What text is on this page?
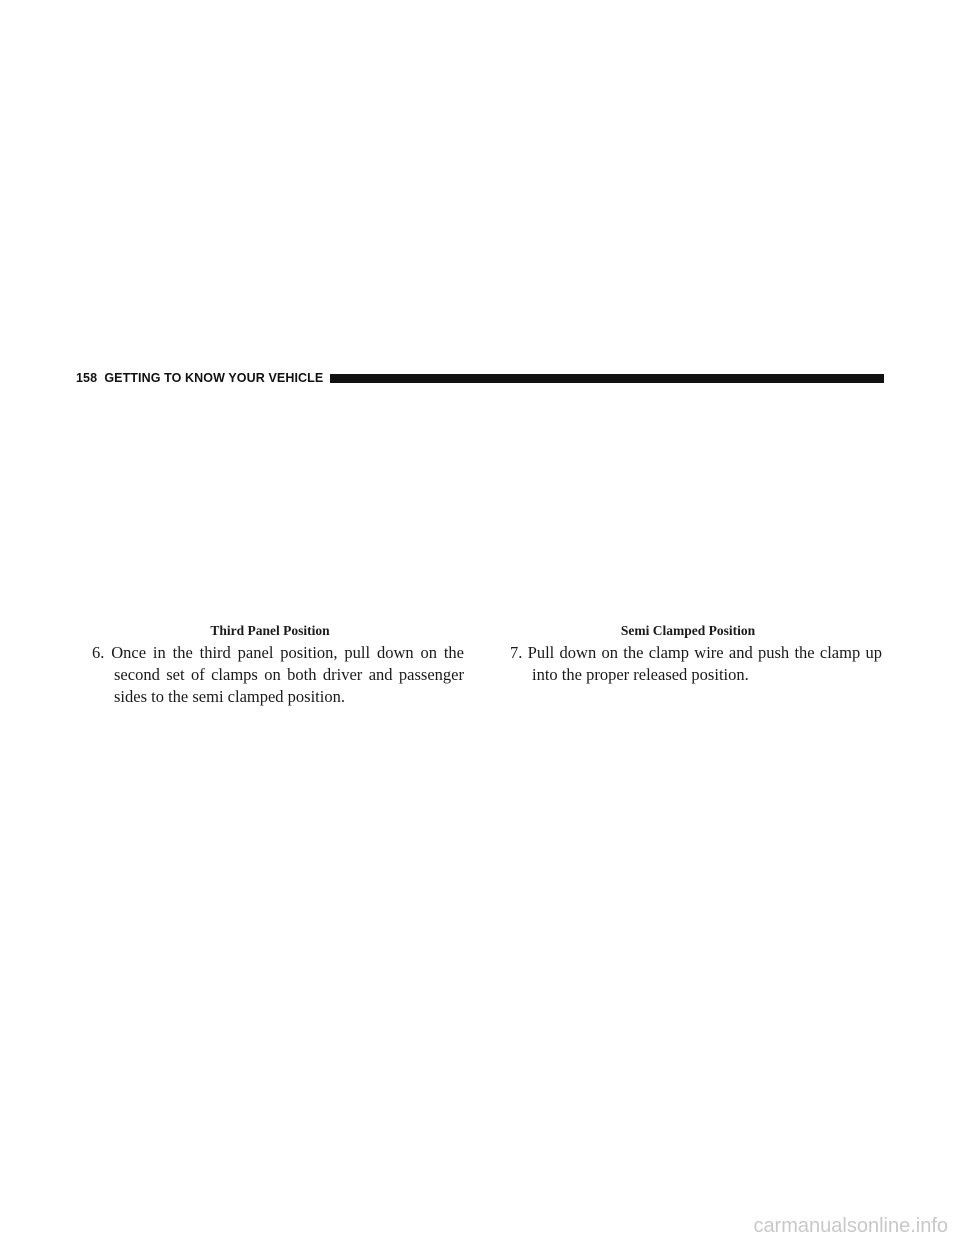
158 GETTING TO KNOW YOUR VEHICLE
Third Panel Position

6. Once in the third panel position, pull down on the second set of clamps on both driver and passenger sides to the semi clamped position.

Semi Clamped Position

7. Pull down on the clamp wire and push the clamp up into the proper released position.

carmanualsonline.info
